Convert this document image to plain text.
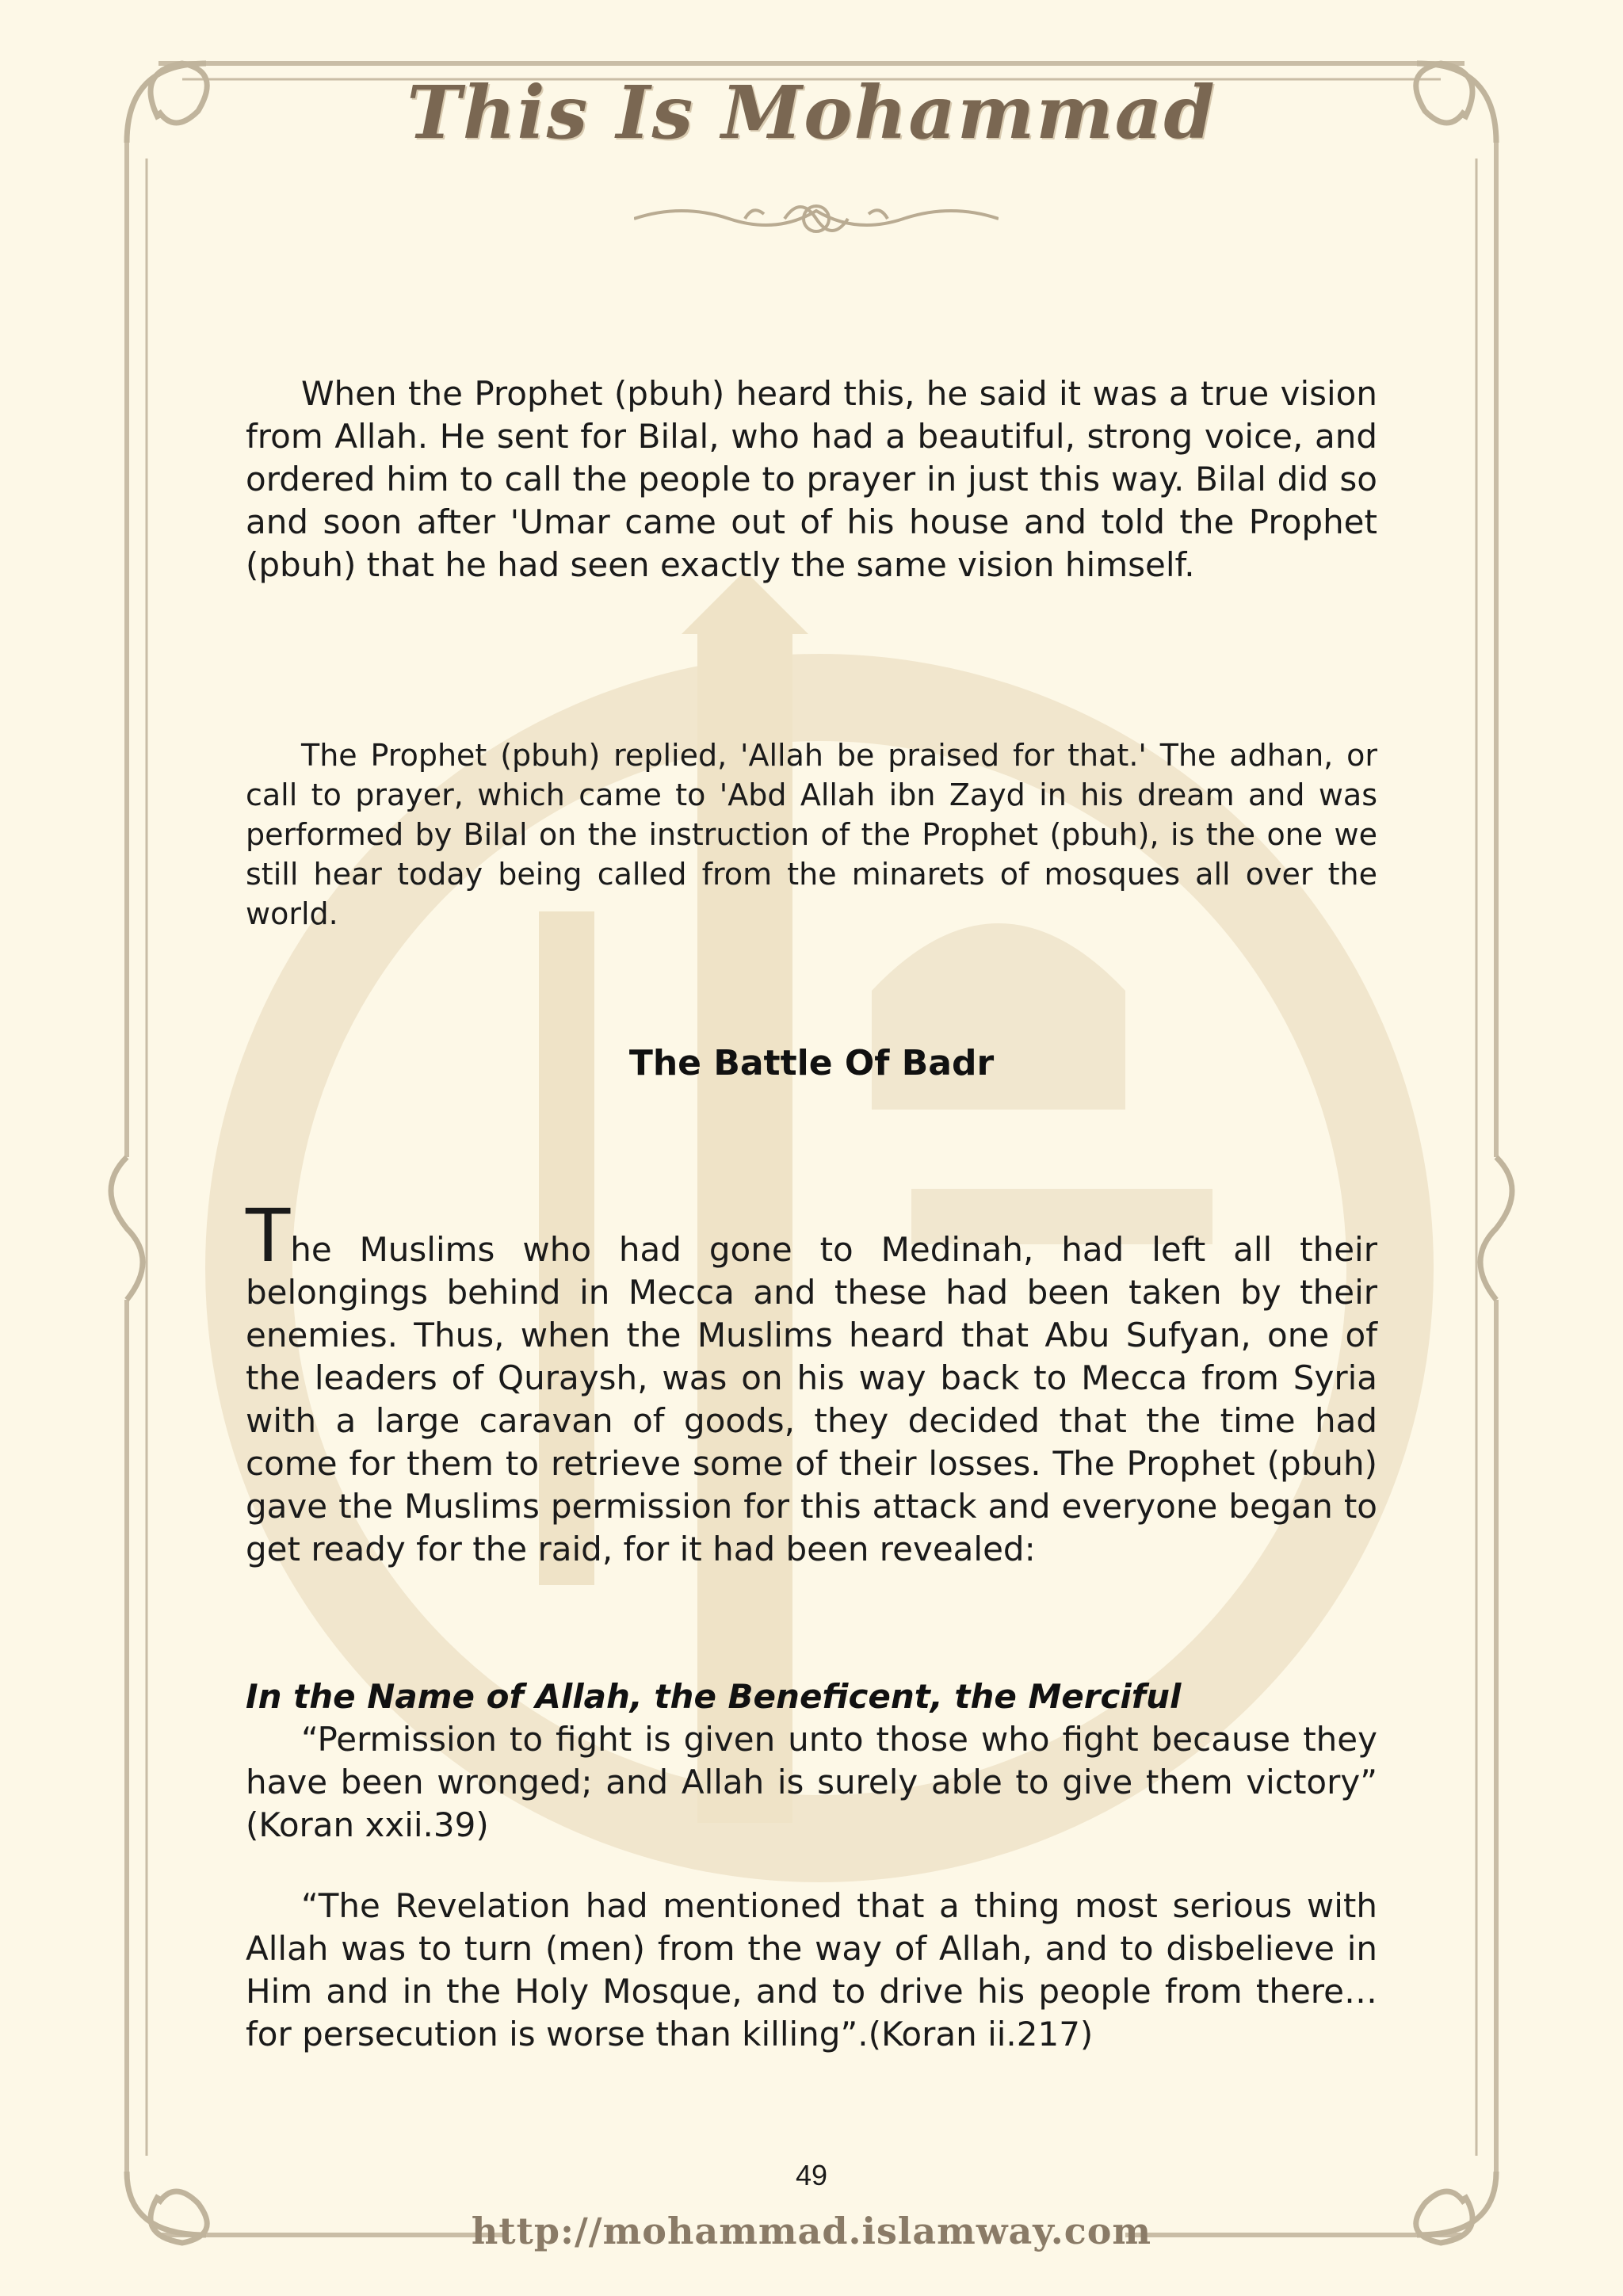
This Is Mohammad

When the Prophet (pbuh) heard this, he said it was a true vision from Allah. He sent for Bilal, who had a beautiful, strong voice, and ordered him to call the people to prayer in just this way. Bilal did so and soon after 'Umar came out of his house and told the Prophet (pbuh) that he had seen exactly the same vision himself.

The Prophet (pbuh) replied, 'Allah be praised for that.' The adhan, or call to prayer, which came to 'Abd Allah ibn Zayd in his dream and was performed by Bilal on the instruction of the Prophet (pbuh), is the one we still hear today being called from the minarets of mosques all over the world.

The Battle Of Badr

The Muslims who had gone to Medinah, had left all their belongings behind in Mecca and these had been taken by their enemies. Thus, when the Muslims heard that Abu Sufyan, one of the leaders of Quraysh, was on his way back to Mecca from Syria with a large caravan of goods, they decided that the time had come for them to retrieve some of their losses. The Prophet (pbuh) gave the Muslims permission for this attack and everyone began to get ready for the raid, for it had been revealed:

In the Name of Allah, the Beneficent, the Merciful

“Permission to fight is given unto those who fight because they have been wronged; and Allah is surely able to give them victory” (Koran xxii.39)

“The Revelation had mentioned that a thing most serious with Allah was to turn (men) from the way of Allah, and to disbelieve in Him and in the Holy Mosque, and to drive his people from there…for persecution is worse than killing”.(Koran ii.217)

49
http://mohammad.islamway.com
